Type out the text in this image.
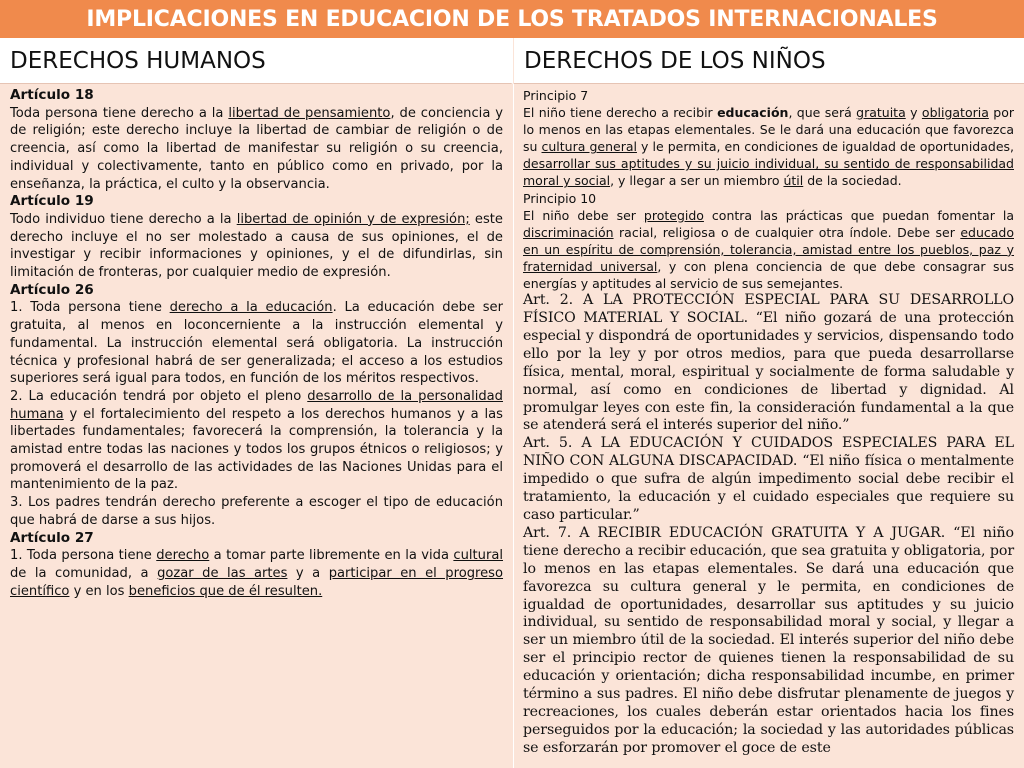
IMPLICACIONES EN EDUCACION DE LOS TRATADOS INTERNACIONALES
DERECHOS HUMANOS	DERECHOS DE LOS NIÑOS

Artículo 18

Toda persona tiene derecho a la libertad de pensamiento, de conciencia y de religión; este derecho incluye la libertad de cambiar de religión o de creencia, así como la libertad de manifestar su religión o su creencia, individual y colectivamente, tanto en público como en privado, por la enseñanza, la práctica, el culto y la observancia.

Artículo 19

Todo individuo tiene derecho a la libertad de opinión y de expresión; este derecho incluye el no ser molestado a causa de sus opiniones, el de investigar y recibir informaciones y opiniones, y el de difundirlas, sin limitación de fronteras, por cualquier medio de expresión.

Artículo 26

1. Toda persona tiene derecho a la educación. La educación debe ser gratuita, al menos en loconcerniente a la instrucción elemental y fundamental. La instrucción elemental será obligatoria. La instrucción técnica y profesional habrá de ser generalizada; el acceso a los estudios superiores será igual para todos, en función de los méritos respectivos.

2. La educación tendrá por objeto el pleno desarrollo de la personalidad humana y el fortalecimiento del respeto a los derechos humanos y a las libertades fundamentales; favorecerá la comprensión, la tolerancia y la amistad entre todas las naciones y todos los grupos étnicos o religiosos; y promoverá el desarrollo de las actividades de las Naciones Unidas para el mantenimiento de la paz.

3. Los padres tendrán derecho preferente a escoger el tipo de educación que habrá de darse a sus hijos.

Artículo 27

1. Toda persona tiene derecho a tomar parte libremente en la vida cultural de la comunidad, a gozar de las artes y a participar en el progreso científico y en los beneficios que de él resulten.

Principio 7

El niño tiene derecho a recibir educación, que será gratuita y obligatoria por lo menos en las etapas elementales. Se le dará una educación que favorezca su cultura general y le permita, en condiciones de igualdad de oportunidades, desarrollar sus aptitudes y su juicio individual, su sentido de responsabilidad moral y social, y llegar a ser un miembro útil de la sociedad.

Principio 10

El niño debe ser protegido contra las prácticas que puedan fomentar la discriminación racial, religiosa o de cualquier otra índole. Debe ser educado en un espíritu de comprensión, tolerancia, amistad entre los pueblos, paz y fraternidad universal, y con plena conciencia de que debe consagrar sus energías y aptitudes al servicio de sus semejantes.

Art. 2. A LA PROTECCIÓN ESPECIAL PARA SU DESARROLLO FÍSICO MATERIAL Y SOCIAL. “El niño gozará de una protección especial y dispondrá de oportunidades y servicios, dispensando todo ello por la ley y por otros medios, para que pueda desarrollarse física, mental, moral, espiritual y socialmente de forma saludable y normal, así como en condiciones de libertad y dignidad. Al promulgar leyes con este fin, la consideración fundamental a la que se atenderá será el interés superior del niño.”

Art. 5. A LA EDUCACIÓN Y CUIDADOS ESPECIALES PARA EL NIÑO CON ALGUNA DISCAPACIDAD. “El niño física o mentalmente impedido o que sufra de algún impedimento social debe recibir el tratamiento, la educación y el cuidado especiales que requiere su caso particular.”

Art. 7. A RECIBIR EDUCACIÓN GRATUITA Y A JUGAR. “El niño tiene derecho a recibir educación, que sea gratuita y obligatoria, por lo menos en las etapas elementales. Se dará una educación que favorezca su cultura general y le permita, en condiciones de igualdad de oportunidades, desarrollar sus aptitudes y su juicio individual, su sentido de responsabilidad moral y social, y llegar a ser un miembro útil de la sociedad. El interés superior del niño debe ser el principio rector de quienes tienen la responsabilidad de su educación y orientación; dicha responsabilidad incumbe, en primer término a sus padres. El niño debe disfrutar plenamente de juegos y recreaciones, los cuales deberán estar orientados hacia los fines perseguidos por la educación; la sociedad y las autoridades públicas se esforzarán por promover el goce de este
